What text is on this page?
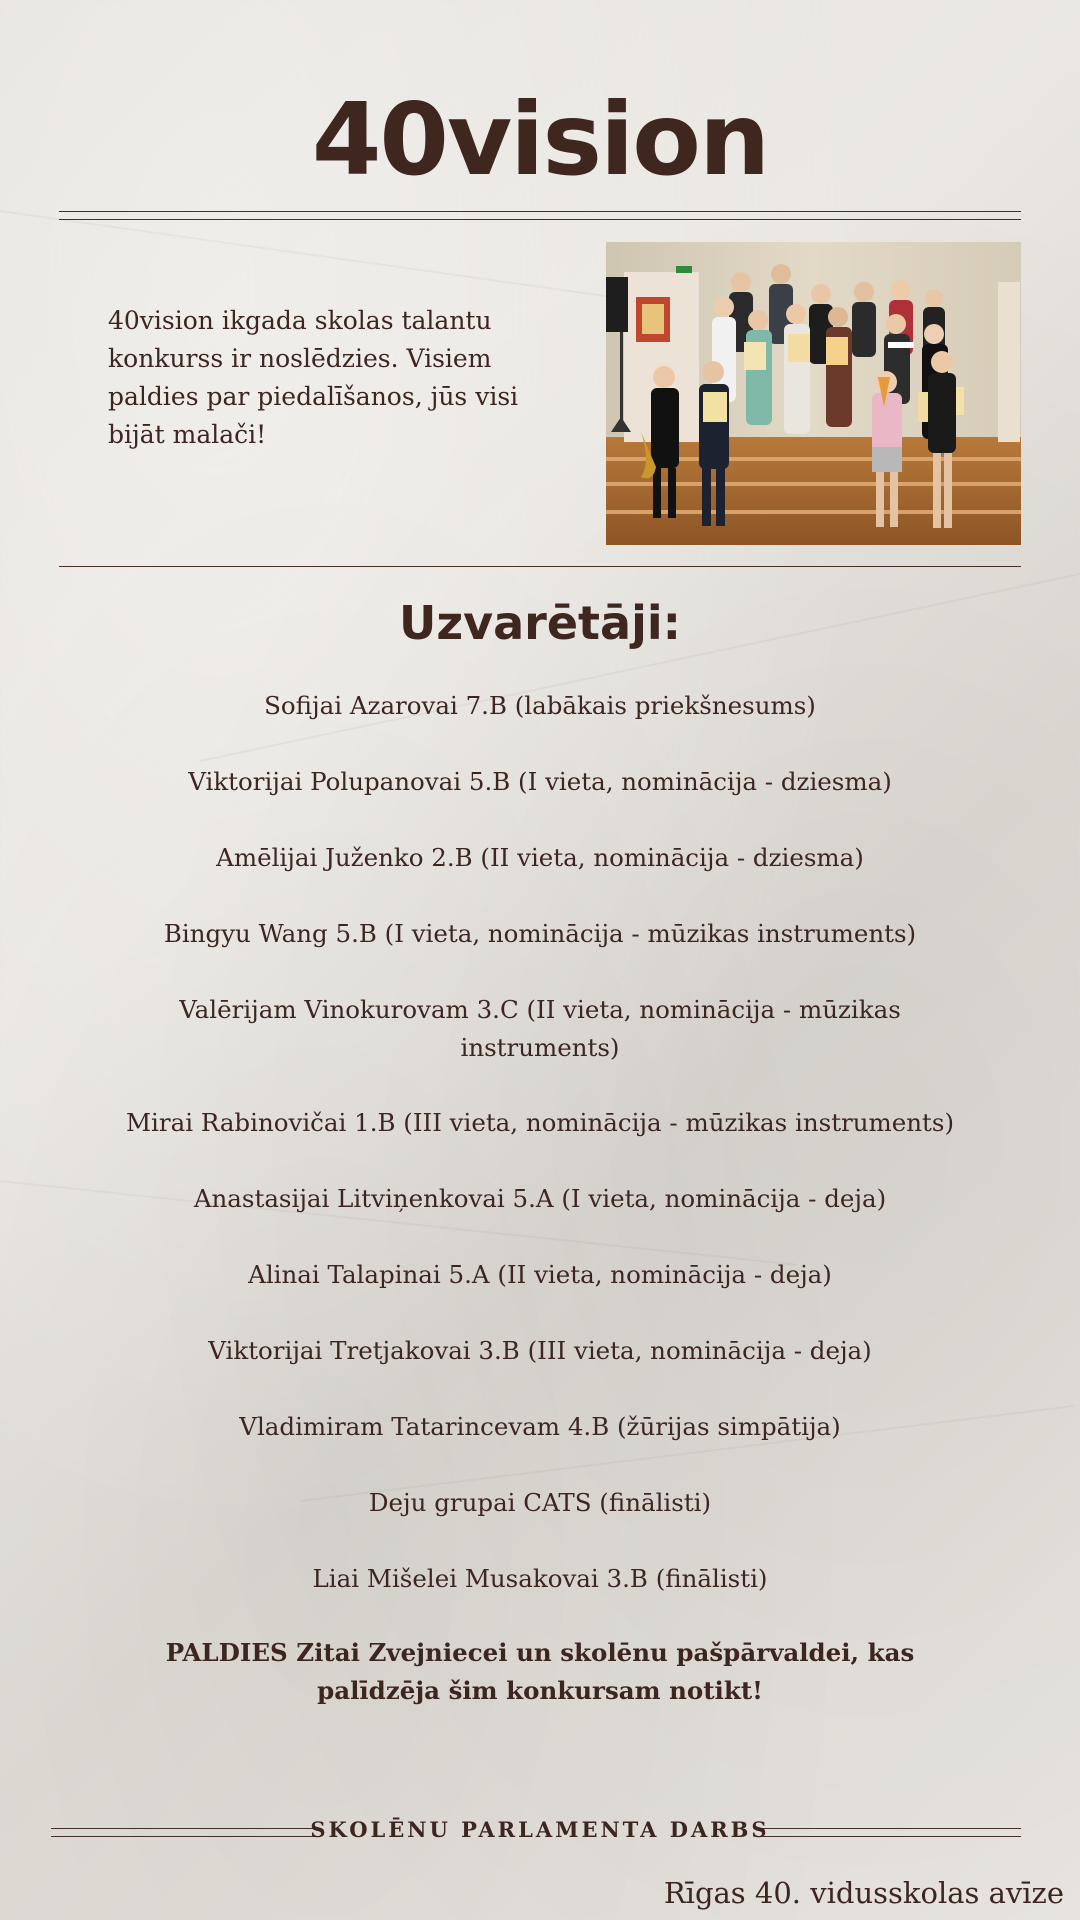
40vision
40vision ikgada skolas talantu konkurss ir noslēdzies. Visiem paldies par piedalīšanos, jūs visi bijāt malači!
Uzvarētāji:
Sofijai Azarovai 7.B (labākais priekšnesums)
Viktorijai Polupanovai 5.B (I vieta, nominācija - dziesma)
Amēlijai Juženko 2.B (II vieta, nominācija - dziesma)
Bingyu Wang 5.B (I vieta, nominācija - mūzikas instruments)
Valērijam Vinokurovam 3.C (II vieta, nominācija - mūzikas instruments)
Mirai Rabinovičai 1.B (III vieta, nominācija - mūzikas instruments)
Anastasijai Litviņenkovai 5.A (I vieta, nominācija - deja)
Alinai Talapinai 5.A (II vieta, nominācija - deja)
Viktorijai Tretjakovai 3.B (III vieta, nominācija - deja)
Vladimiram Tatarincevam 4.B (žūrijas simpātija)
Deju grupai CATS (finālisti)
Liai Mišelei Musakovai 3.B (finālisti)
PALDIES Zitai Zvejniecei un skolēnu pašpārvaldei, kas palīdzēja šim konkursam notikt!
SKOLĒNU PARLAMENTA DARBS
Rīgas 40. vidusskolas avīze
